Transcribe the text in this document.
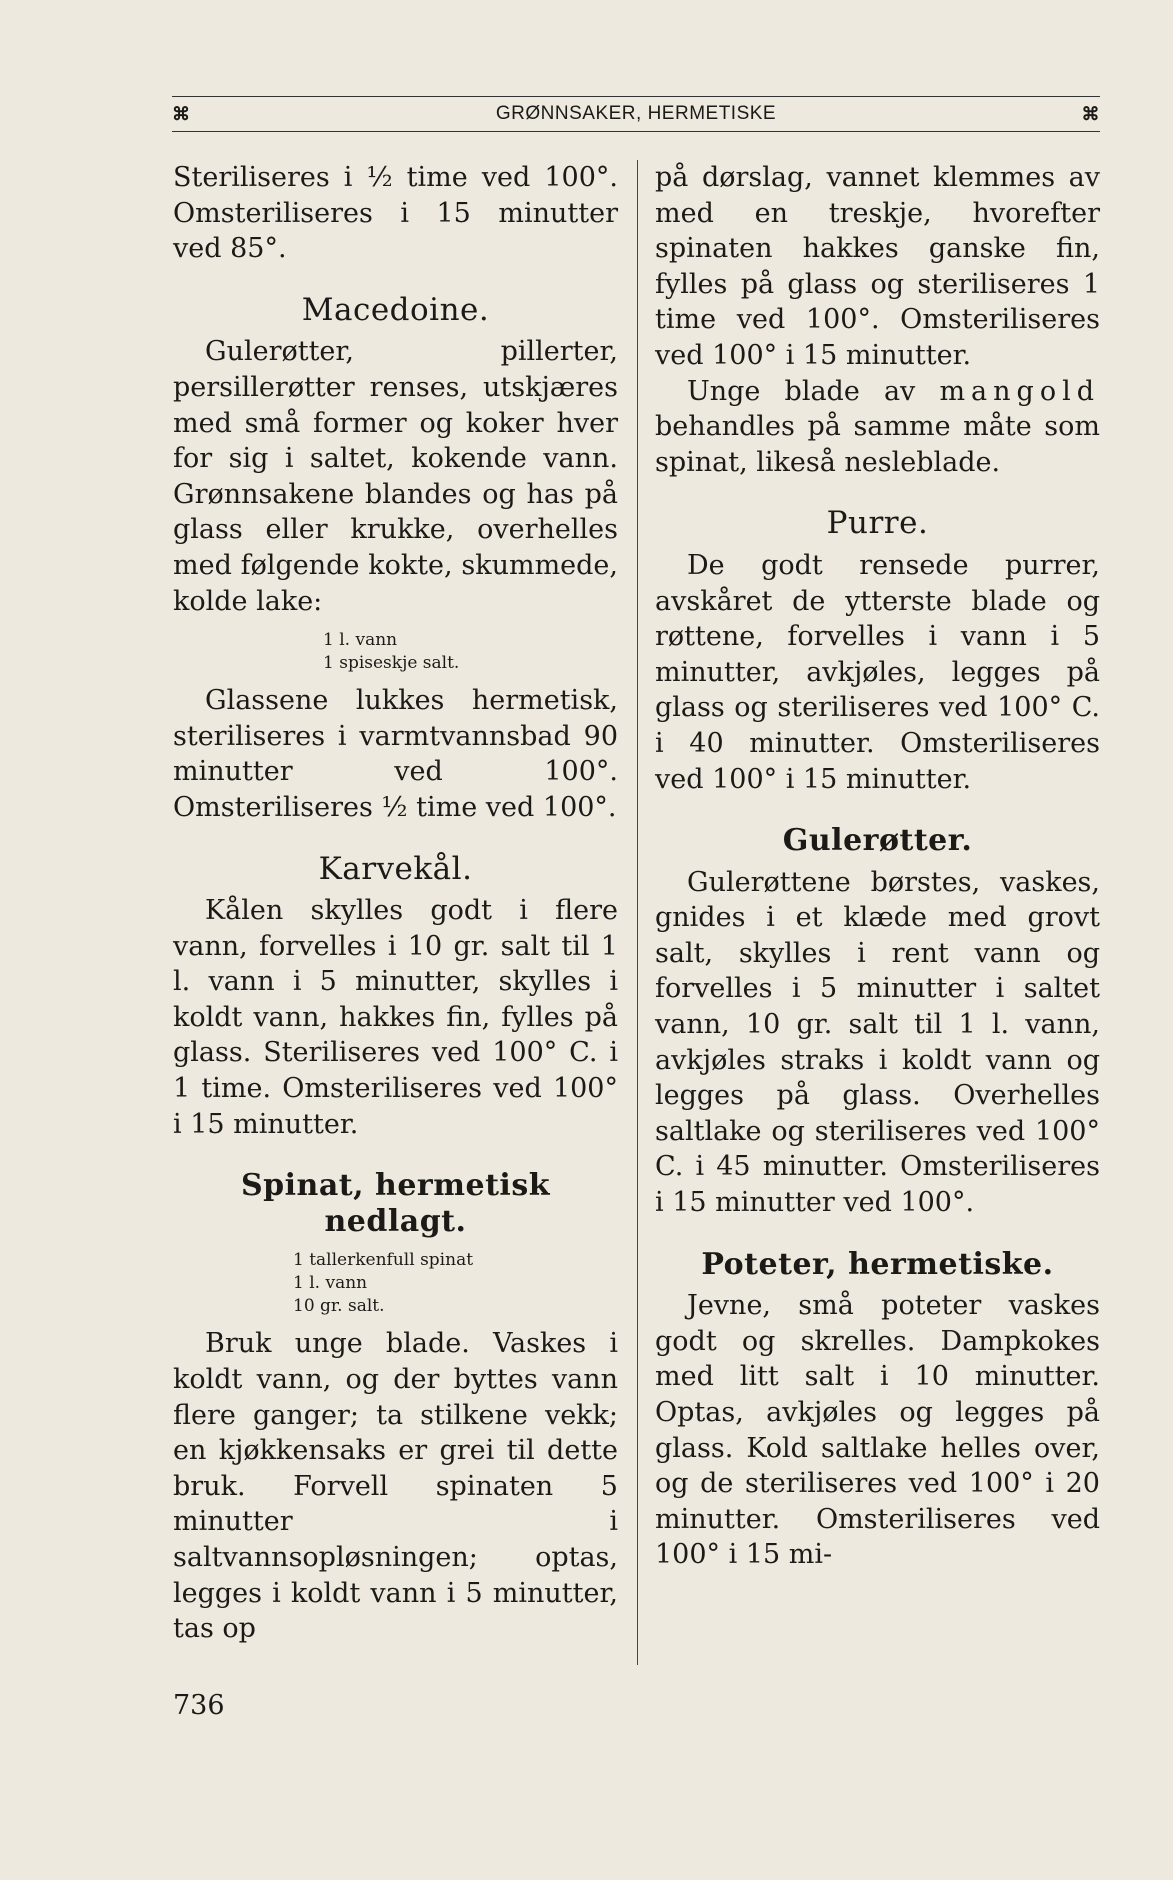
⌘	GRØNNSAKER, HERMETISKE	⌘

Steriliseres i ½ time ved 100°. Omsteriliseres i 15 minutter ved 85°.

Macedoine.

Gulerøtter, pillerter, persillerøtter renses, utskjæres med små former og koker hver for sig i saltet, kokende vann. Grønnsakene blandes og has på glass eller krukke, overhelles med følgende kokte, skummede, kolde lake:

1 l. vann
1 spiseskje salt.

Glassene lukkes hermetisk, steriliseres i varmtvannsbad 90 minutter ved 100°. Omsteriliseres ½ time ved 100°.

Karvekål.

Kålen skylles godt i flere vann, forvelles i 10 gr. salt til 1 l. vann i 5 minutter, skylles i koldt vann, hakkes fin, fylles på glass. Steriliseres ved 100° C. i 1 time. Omsteriliseres ved 100° i 15 minutter.

Spinat, hermetisk nedlagt.
1 tallerkenfull spinat
1 l. vann
10 gr. salt.

Bruk unge blade. Vaskes i koldt vann, og der byttes vann flere ganger; ta stilkene vekk; en kjøkkensaks er grei til dette bruk. Forvell spinaten 5 minutter i saltvannsopløsningen; optas, legges i koldt vann i 5 minutter, tas op

på dørslag, vannet klemmes av med en treskje, hvorefter spinaten hakkes ganske fin, fylles på glass og steriliseres 1 time ved 100°. Omsteriliseres ved 100° i 15 minutter.

Unge blade av mangold behandles på samme måte som spinat, likeså nesleblade.

Purre.

De godt rensede purrer, avskåret de ytterste blade og røttene, forvelles i vann i 5 minutter, avkjøles, legges på glass og steriliseres ved 100° C. i 40 minutter. Omsteriliseres ved 100° i 15 minutter.

Gulerøtter.

Gulerøttene børstes, vaskes, gnides i et klæde med grovt salt, skylles i rent vann og forvelles i 5 minutter i saltet vann, 10 gr. salt til 1 l. vann, avkjøles straks i koldt vann og legges på glass. Overhelles saltlake og steriliseres ved 100° C. i 45 minutter. Omsteriliseres i 15 minutter ved 100°.

Poteter, hermetiske.

Jevne, små poteter vaskes godt og skrelles. Dampkokes med litt salt i 10 minutter. Optas, avkjøles og legges på glass. Kold saltlake helles over, og de steriliseres ved 100° i 20 minutter. Omsteriliseres ved 100° i 15 mi-

736
